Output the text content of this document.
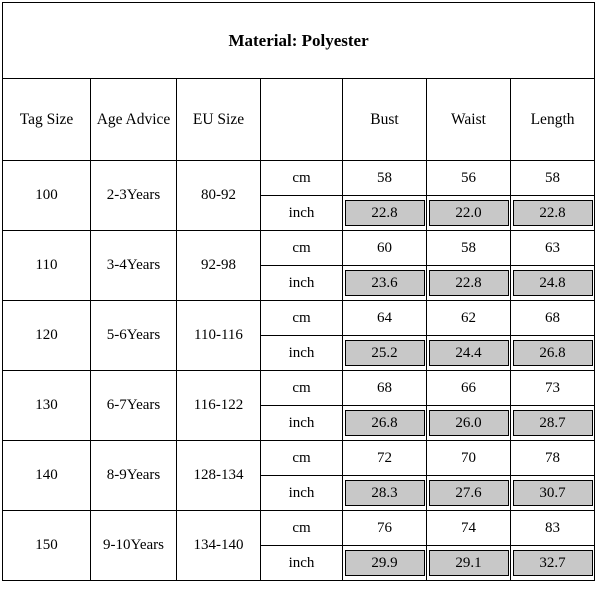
Material: Polyester						
Tag Size	Age Advice	EU Size		Bust	Waist	Length
100	2-3Years	80-92	cm	58	56	58
			inch	22.8	22.0	22.8
110	3-4Years	92-98	cm	60	58	63
			inch	23.6	22.8	24.8
120	5-6Years	110-116	cm	64	62	68
			inch	25.2	24.4	26.8
130	6-7Years	116-122	cm	68	66	73
			inch	26.8	26.0	28.7
140	8-9Years	128-134	cm	72	70	78
			inch	28.3	27.6	30.7
150	9-10Years	134-140	cm	76	74	83
			inch	29.9	29.1	32.7
